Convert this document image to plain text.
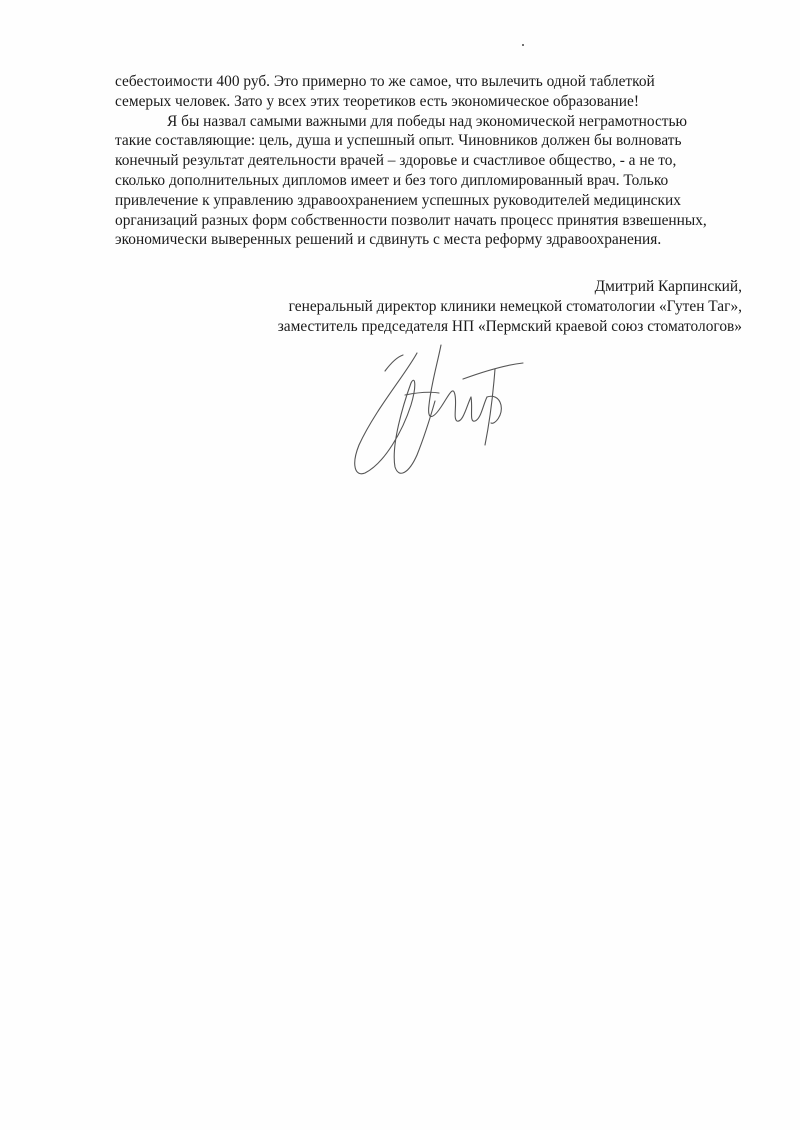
себестоимости 400 руб. Это примерно то же самое, что вылечить одной таблеткой

семерых человек. Зато у всех этих теоретиков есть экономическое образование!

Я бы назвал самыми важными для победы над экономической неграмотностью

такие составляющие: цель, душа и успешный опыт. Чиновников должен бы волновать

конечный результат деятельности врачей – здоровье и счастливое общество, - а не то,

сколько дополнительных дипломов имеет и без того дипломированный врач. Только

привлечение к управлению здравоохранением успешных руководителей медицинских

организаций разных форм собственности позволит начать процесс принятия взвешенных,

экономически выверенных решений и сдвинуть с места реформу здравоохранения.

Дмитрий Карпинский,
генеральный директор клиники немецкой стоматологии «Гутен Таг»,
заместитель председателя НП «Пермский краевой союз стоматологов»
